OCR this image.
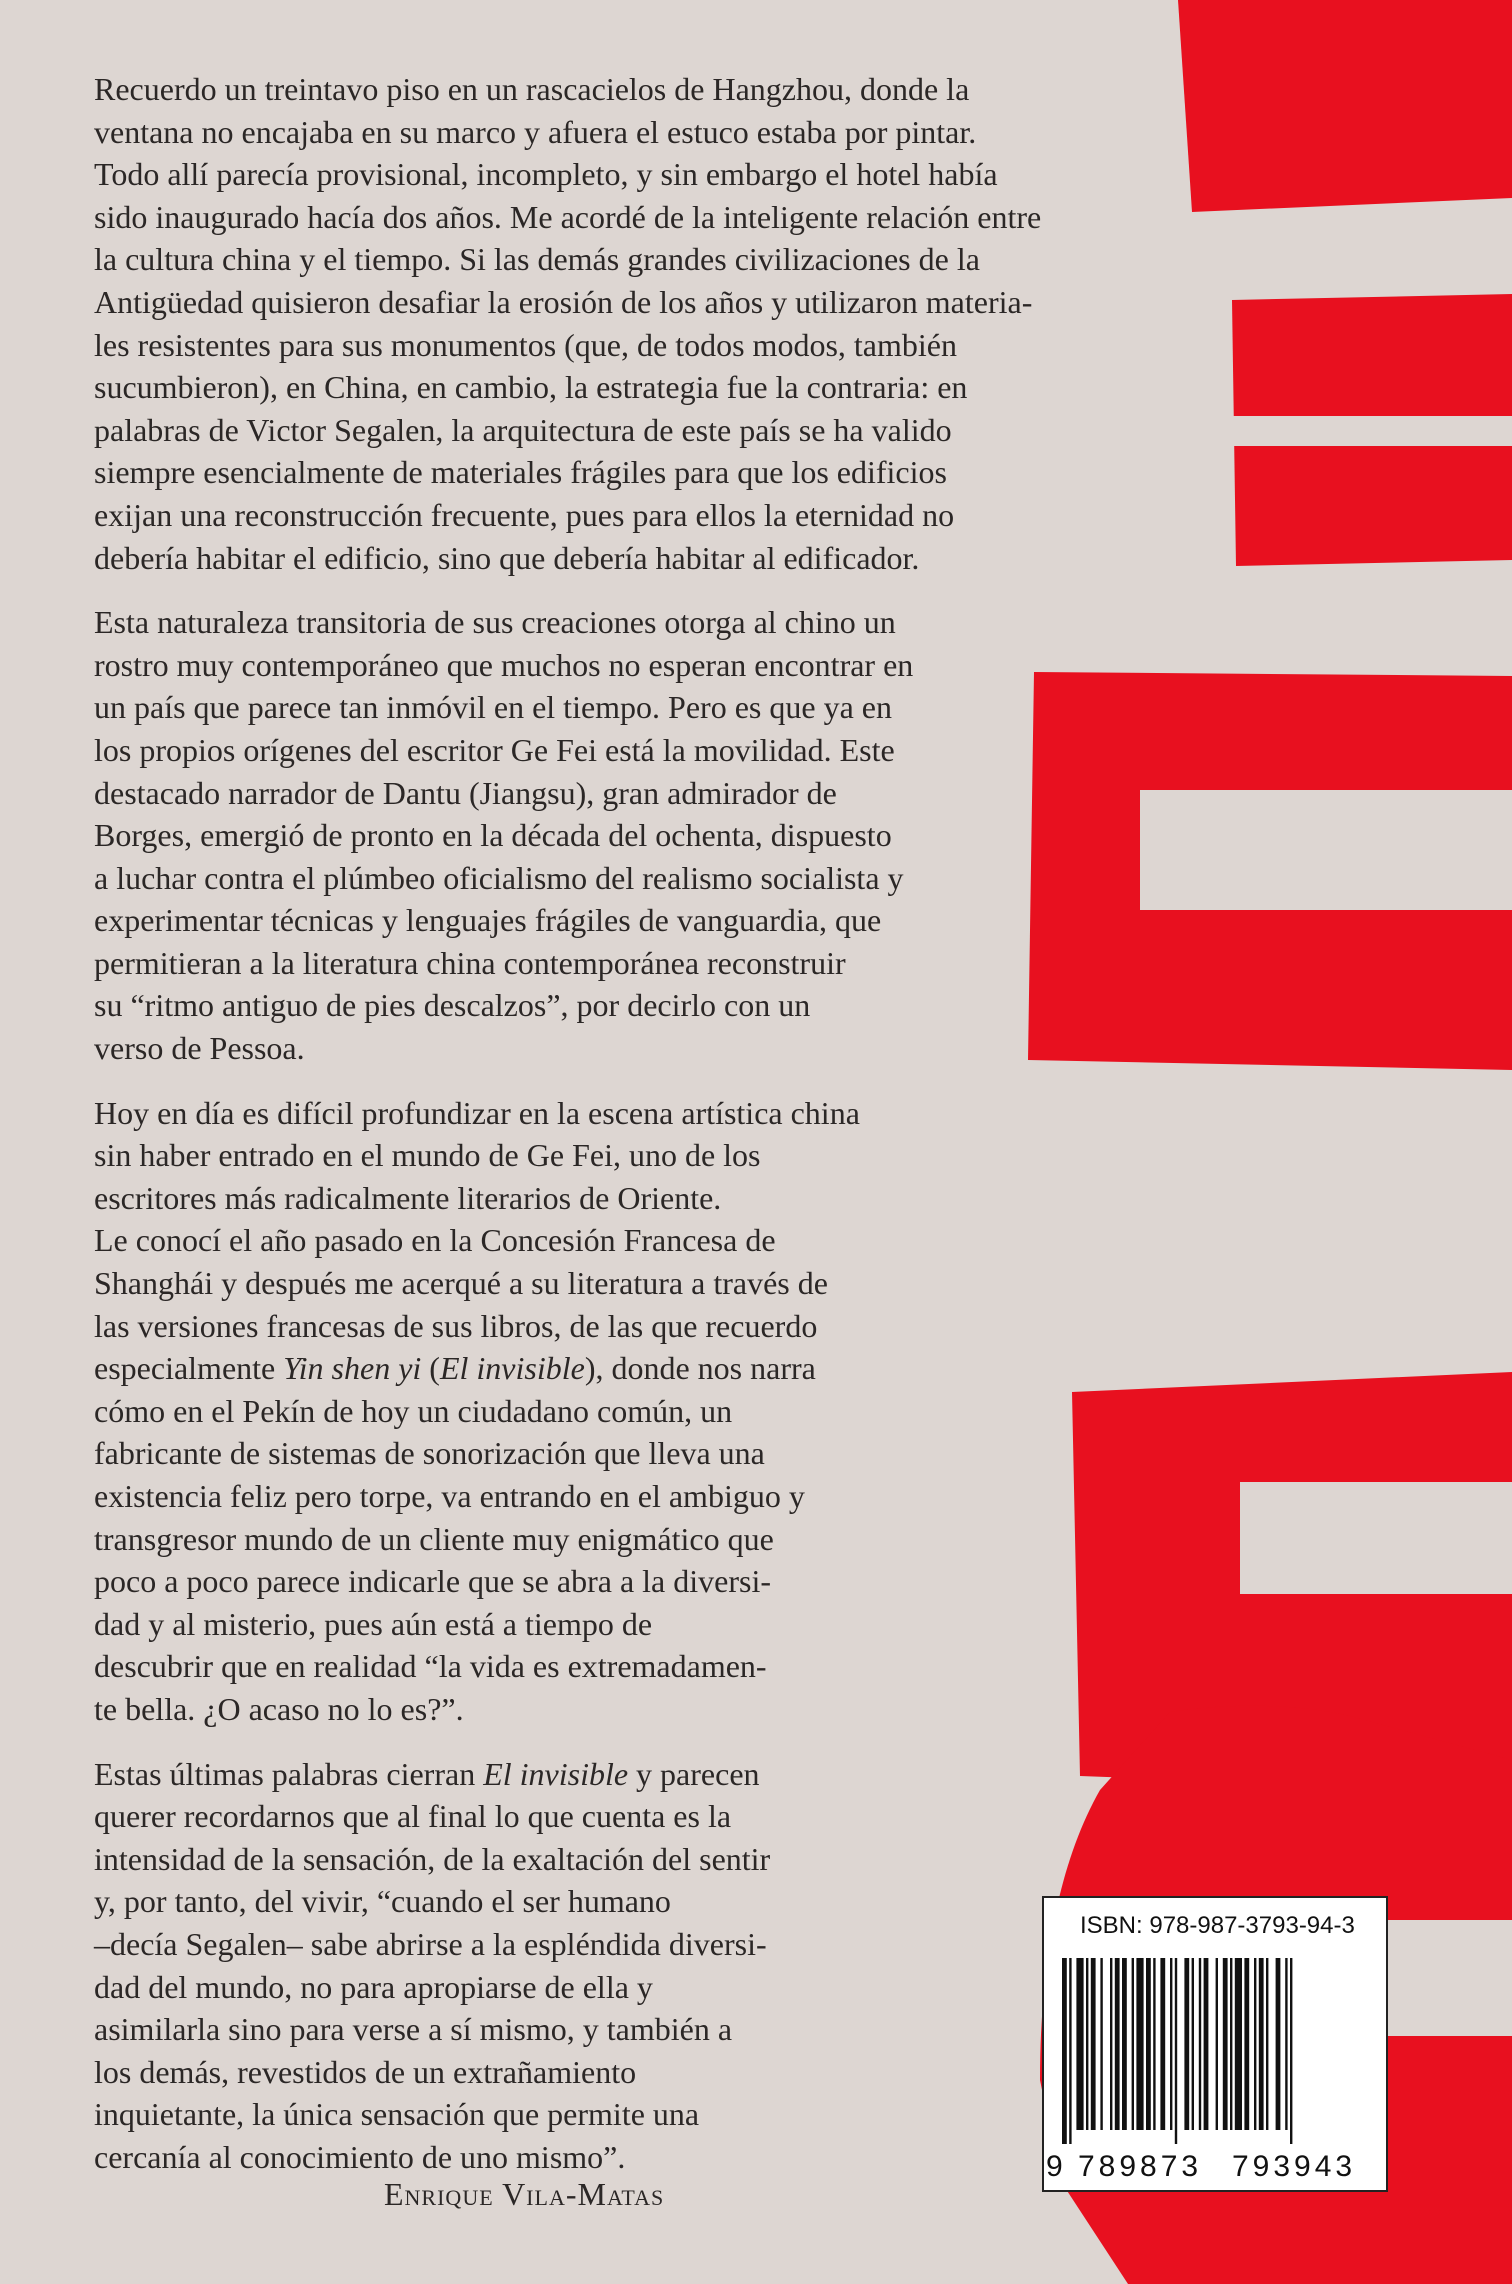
Recuerdo un treintavo piso en un rascacielos de Hangzhou, donde la
ventana no encajaba en su marco y afuera el estuco estaba por pintar.
Todo allí parecía provisional, incompleto, y sin embargo el hotel había
sido inaugurado hacía dos años. Me acordé de la inteligente relación entre
la cultura china y el tiempo. Si las demás grandes civilizaciones de la
Antigüedad quisieron desafiar la erosión de los años y utilizaron materia-
les resistentes para sus monumentos (que, de todos modos, también
sucumbieron), en China, en cambio, la estrategia fue la contraria: en
palabras de Victor Segalen, la arquitectura de este país se ha valido
siempre esencialmente de materiales frágiles para que los edificios
exijan una reconstrucción frecuente, pues para ellos la eternidad no
debería habitar el edificio, sino que debería habitar al edificador.

Esta naturaleza transitoria de sus creaciones otorga al chino un
rostro muy contemporáneo que muchos no esperan encontrar en
un país que parece tan inmóvil en el tiempo. Pero es que ya en
los propios orígenes del escritor Ge Fei está la movilidad. Este
destacado narrador de Dantu (Jiangsu), gran admirador de
Borges, emergió de pronto en la década del ochenta, dispuesto
a luchar contra el plúmbeo oficialismo del realismo socialista y
experimentar técnicas y lenguajes frágiles de vanguardia, que
permitieran a la literatura china contemporánea reconstruir
su “ritmo antiguo de pies descalzos”, por decirlo con un
verso de Pessoa.

Hoy en día es difícil profundizar en la escena artística china
sin haber entrado en el mundo de Ge Fei, uno de los
escritores más radicalmente literarios de Oriente.
Le conocí el año pasado en la Concesión Francesa de
Shanghái y después me acerqué a su literatura a través de
las versiones francesas de sus libros, de las que recuerdo
especialmente Yin shen yi (El invisible), donde nos narra
cómo en el Pekín de hoy un ciudadano común, un
fabricante de sistemas de sonorización que lleva una
existencia feliz pero torpe, va entrando en el ambiguo y
transgresor mundo de un cliente muy enigmático que
poco a poco parece indicarle que se abra a la diversi-
dad y al misterio, pues aún está a tiempo de
descubrir que en realidad “la vida es extremadamen-
te bella. ¿O acaso no lo es?”.

Estas últimas palabras cierran El invisible y parecen
querer recordarnos que al final lo que cuenta es la
intensidad de la sensación, de la exaltación del sentir
y, por tanto, del vivir, “cuando el ser humano
–decía Segalen– sabe abrirse a la espléndida diversi-
dad del mundo, no para apropiarse de ella y
asimilarla sino para verse a sí mismo, y también a
los demás, revestidos de un extrañamiento
inquietante, la única sensación que permite una
cercanía al conocimiento de uno mismo”.

Enrique Vila-Matas
ISBN: 978-987-3793-94-3
9 789873 793943
